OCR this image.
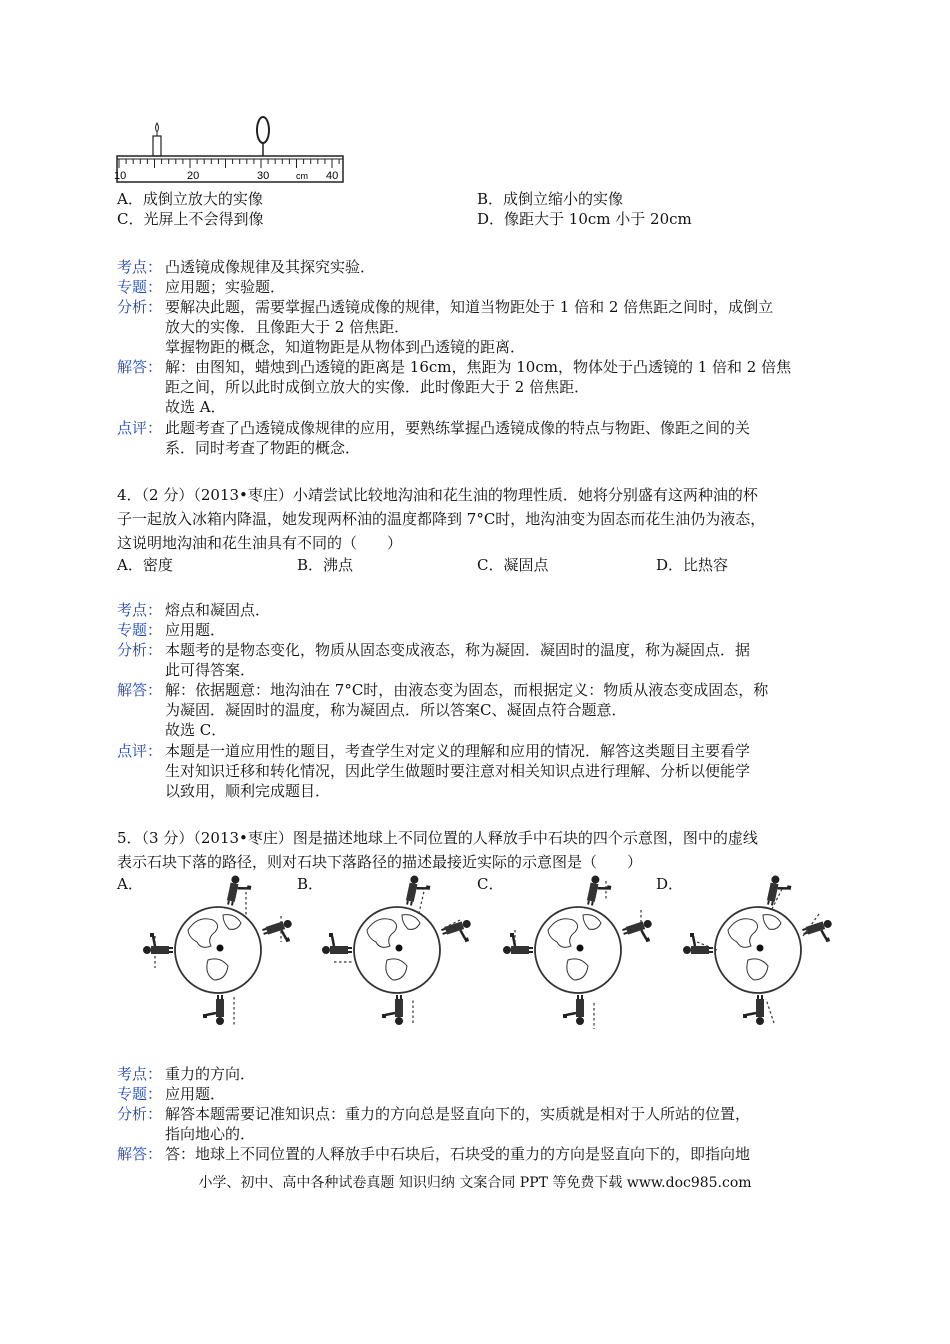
10	20	30	cm 40
A．成倒立放大的实像	B．成倒立缩小的实像
C．光屏上不会得到像	D．像距大于 10cm 小于 20cm
考点： 凸透镜成像规律及其探究实验．
专题： 应用题；实验题．
分析： 要解决此题，需要掌握凸透镜成像的规律，知道当物距处于 1 倍和 2 倍焦距之间时，成倒立
放大的实像．且像距大于 2 倍焦距．
掌握物距的概念，知道物距是从物体到凸透镜的距离．
解答： 解：由图知，蜡烛到凸透镜的距离是 16cm，焦距为 10cm，物体处于凸透镜的 1 倍和 2 倍焦
距之间，所以此时成倒立放大的实像．此时像距大于 2 倍焦距．
故选 A．
点评： 此题考查了凸透镜成像规律的应用，要熟练掌握凸透镜成像的特点与物距、像距之间的关
系．同时考查了物距的概念．
4．（2 分）（2013•枣庄）小靖尝试比较地沟油和花生油的物理性质．她将分别盛有这两种油的杯
子一起放入冰箱内降温，她发现两杯油的温度都降到 7°C时，地沟油变为固态而花生油仍为液态，
这说明地沟油和花生油具有不同的（　　）
A．密度	B．沸点	C．凝固点	D．比热容
考点： 熔点和凝固点．
专题： 应用题．
分析： 本题考的是物态变化，物质从固态变成液态，称为凝固．凝固时的温度，称为凝固点．据
此可得答案．
解答： 解：依据题意：地沟油在 7°C时，由液态变为固态，而根据定义：物质从液态变成固态，称
为凝固．凝固时的温度，称为凝固点．所以答案C、凝固点符合题意．
故选 C．
点评： 本题是一道应用性的题目，考查学生对定义的理解和应用的情况．解答这类题目主要看学
生对知识迁移和转化情况，因此学生做题时要注意对相关知识点进行理解、分析以便能学
以致用，顺利完成题目．
5．（3 分）（2013•枣庄）图是描述地球上不同位置的人释放手中石块的四个示意图，图中的虚线
表示石块下落的路径，则对石块下落路径的描述最接近实际的示意图是（　　）
A．	B．	C．	D．
考点： 重力的方向．
专题： 应用题．
分析： 解答本题需要记准知识点：重力的方向总是竖直向下的，实质就是相对于人所站的位置，
指向地心的．
解答： 答：地球上不同位置的人释放手中石块后，石块受的重力的方向是竖直向下的，即指向地
小学、初中、高中各种试卷真题 知识归纳 文案合同 PPT 等免费下载 www.doc985.com
